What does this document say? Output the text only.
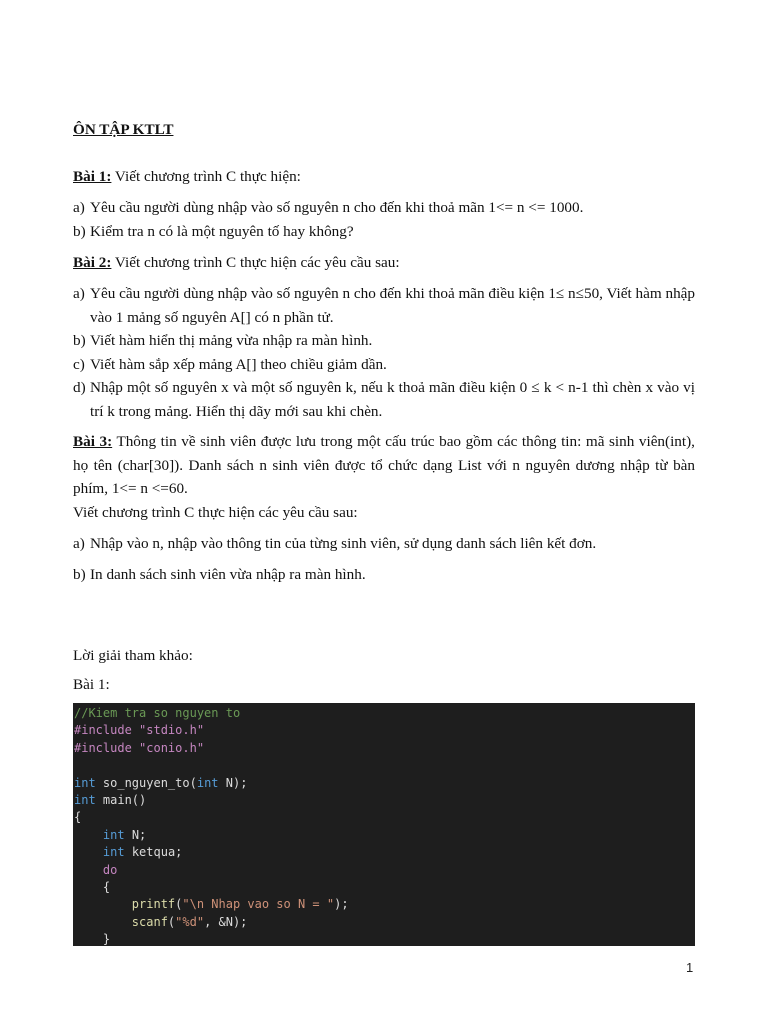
ÔN TẬP KTLT
Bài 1: Viết chương trình C thực hiện:
a) Yêu cầu người dùng nhập vào số nguyên n cho đến khi thoả mãn 1<= n <= 1000.
b) Kiểm tra n có là một nguyên tố hay không?
Bài 2: Viết chương trình C thực hiện các yêu cầu sau:
a) Yêu cầu người dùng nhập vào số nguyên n cho đến khi thoả mãn điều kiện 1≤ n≤50, Viết hàm nhập vào 1 mảng số nguyên A[] có n phần tử.
b) Viết hàm hiển thị mảng vừa nhập ra màn hình.
c) Viết hàm sắp xếp mảng A[] theo chiều giảm dần.
d) Nhập một số nguyên x và một số nguyên k, nếu k thoả mãn điều kiện 0 ≤ k < n-1 thì chèn x vào vị trí k trong mảng. Hiển thị dãy mới sau khi chèn.
Bài 3: Thông tin về sinh viên được lưu trong một cấu trúc bao gồm các thông tin: mã sinh viên(int), họ tên (char[30]). Danh sách n sinh viên được tổ chức dạng List với n nguyên dương nhập từ bàn phím, 1<= n <=60.
Viết chương trình C thực hiện các yêu cầu sau:
a) Nhập vào n, nhập vào thông tin của từng sinh viên, sử dụng danh sách liên kết đơn.
b) In danh sách sinh viên vừa nhập ra màn hình.
Lời giải tham khảo:
Bài 1:
//Kiem tra so nguyen to
#include "stdio.h"
#include "conio.h"
int so_nguyen_to(int N);
int main()
{
int N;
int ketqua;
do
{
printf("\n Nhap vao so N = ");
scanf("%d", &N);
}
1
